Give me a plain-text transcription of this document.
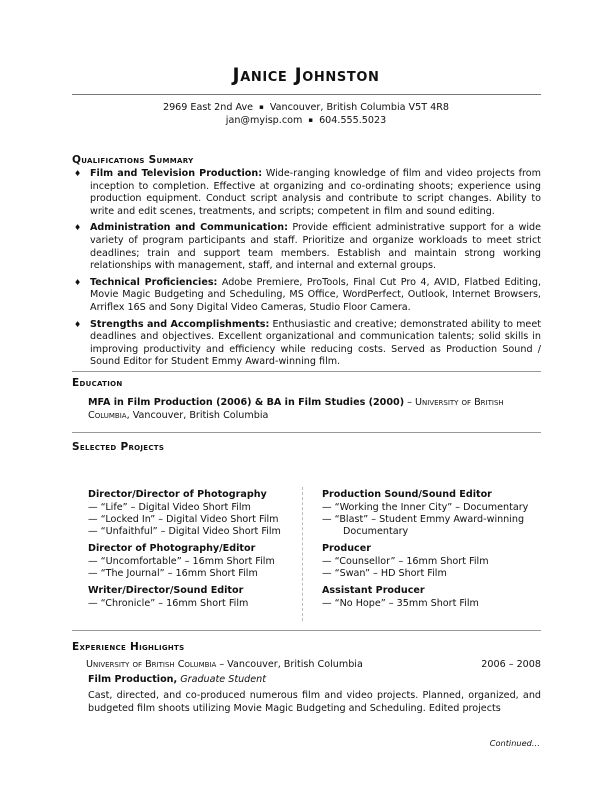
Janice Johnston
2969 East 2nd Ave ▪ Vancouver, British Columbia V5T 4R8
jan@myisp.com ▪ 604.555.5023
Qualifications Summary
♦ Film and Television Production: Wide-ranging knowledge of film and video projects from inception to completion. Effective at organizing and co-ordinating shoots; experience using production equipment. Conduct script analysis and contribute to script changes. Ability to write and edit scenes, treatments, and scripts; competent in film and sound editing.
♦ Administration and Communication: Provide efficient administrative support for a wide variety of program participants and staff. Prioritize and organize workloads to meet strict deadlines; train and support team members. Establish and maintain strong working relationships with management, staff, and internal and external groups.
♦ Technical Proficiencies: Adobe Premiere, ProTools, Final Cut Pro 4, AVID, Flatbed Editing, Movie Magic Budgeting and Scheduling, MS Office, WordPerfect, Outlook, Internet Browsers, Arriflex 16S and Sony Digital Video Cameras, Studio Floor Camera.
♦ Strengths and Accomplishments: Enthusiastic and creative; demonstrated ability to meet deadlines and objectives. Excellent organizational and communication talents; solid skills in improving productivity and efficiency while reducing costs. Served as Production Sound / Sound Editor for Student Emmy Award-winning film.
Education
MFA in Film Production (2006) & BA in Film Studies (2000) – University of British Columbia, Vancouver, British Columbia
Selected Projects
Director/Director of Photography
— “Life” – Digital Video Short Film
— “Locked In” – Digital Video Short Film
— “Unfaithful” – Digital Video Short Film
Director of Photography/Editor
— “Uncomfortable” – 16mm Short Film
— “The Journal” – 16mm Short Film
Writer/Director/Sound Editor
— “Chronicle” – 16mm Short Film
Production Sound/Sound Editor
— “Working the Inner City” – Documentary
— “Blast” – Student Emmy Award-winning Documentary
Producer
— “Counsellor” – 16mm Short Film
— “Swan” – HD Short Film
Assistant Producer
— “No Hope” – 35mm Short Film
Experience Highlights
University of British Columbia – Vancouver, British Columbia	2006 – 2008
Film Production, Graduate Student
Cast, directed, and co-produced numerous film and video projects. Planned, organized, and budgeted film shoots utilizing Movie Magic Budgeting and Scheduling. Edited projects
Continued…
